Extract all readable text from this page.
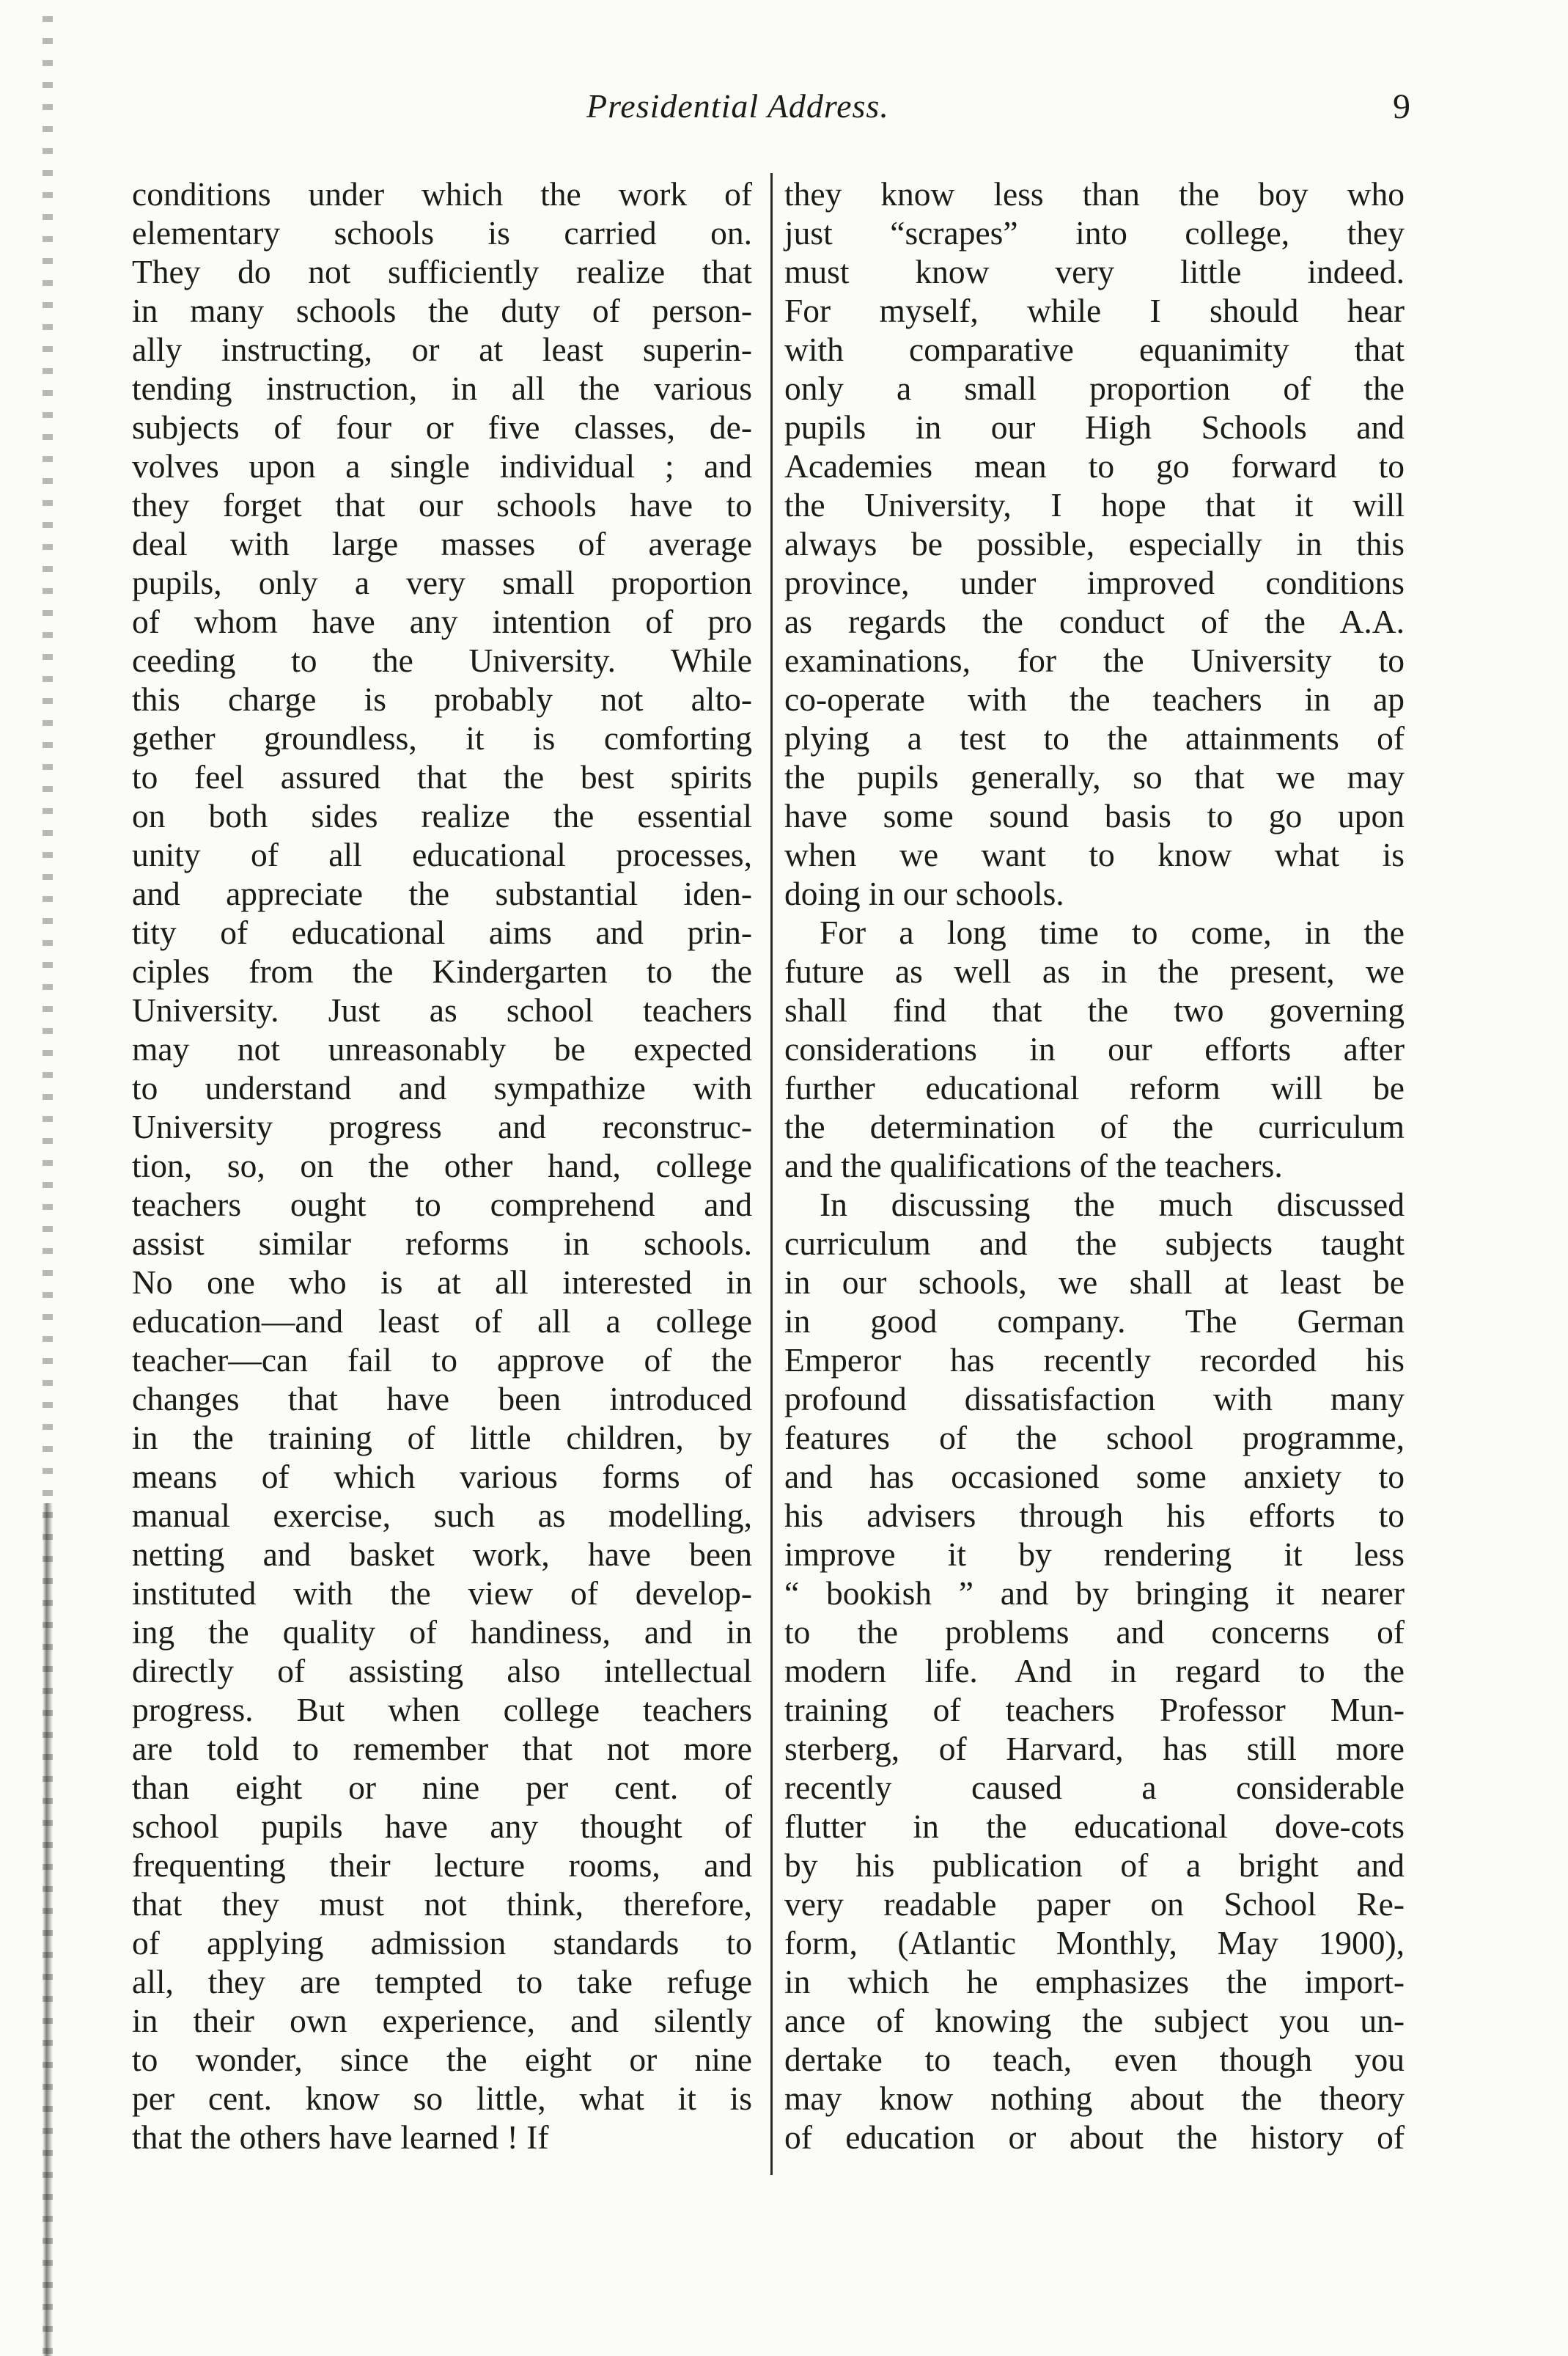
Presidential Address.	9
conditions under which the work of
elementary schools is carried on.
They do not sufficiently realize that
in many schools the duty of person-
ally instructing, or at least superin-
tending instruction, in all the various
subjects of four or five classes, de-
volves upon a single individual ; and
they forget that our schools have to
deal with large masses of average
pupils, only a very small proportion
of whom have any intention of pro
ceeding to the University. While
this charge is probably not alto-
gether groundless, it is comforting
to feel assured that the best spirits
on both sides realize the essential
unity of all educational processes,
and appreciate the substantial iden-
tity of educational aims and prin-
ciples from the Kindergarten to the
University. Just as school teachers
may not unreasonably be expected
to understand and sympathize with
University progress and reconstruc-
tion, so, on the other hand, college
teachers ought to comprehend and
assist similar reforms in schools.
No one who is at all interested in
education—and least of all a college
teacher—can fail to approve of the
changes that have been introduced
in the training of little children, by
means of which various forms of
manual exercise, such as modelling,
netting and basket work, have been
instituted with the view of develop-
ing the quality of handiness, and in
directly of assisting also intellectual
progress. But when college teachers
are told to remember that not more
than eight or nine per cent. of
school pupils have any thought of
frequenting their lecture rooms, and
that they must not think, therefore,
of applying admission standards to
all, they are tempted to take refuge
in their own experience, and silently
to wonder, since the eight or nine
per cent. know so little, what it is
that the others have learned ! If
they know less than the boy who
just “scrapes” into college, they
must know very little indeed.
For myself, while I should hear
with comparative equanimity that
only a small proportion of the
pupils in our High Schools and
Academies mean to go forward to
the University, I hope that it will
always be possible, especially in this
province, under improved conditions
as regards the conduct of the A.A.
examinations, for the University to
co-operate with the teachers in ap
plying a test to the attainments of
the pupils generally, so that we may
have some sound basis to go upon
when we want to know what is
doing in our schools.
For a long time to come, in the
future as well as in the present, we
shall find that the two governing
considerations in our efforts after
further educational reform will be
the determination of the curriculum
and the qualifications of the teachers.
In discussing the much discussed
curriculum and the subjects taught
in our schools, we shall at least be
in good company. The German
Emperor has recently recorded his
profound dissatisfaction with many
features of the school programme,
and has occasioned some anxiety to
his advisers through his efforts to
improve it by rendering it less
“ bookish ” and by bringing it nearer
to the problems and concerns of
modern life. And in regard to the
training of teachers Professor Mun-
sterberg, of Harvard, has still more
recently caused a considerable
flutter in the educational dove-cots
by his publication of a bright and
very readable paper on School Re-
form, (Atlantic Monthly, May 1900),
in which he emphasizes the import-
ance of knowing the subject you un-
dertake to teach, even though you
may know nothing about the theory
of education or about the history of
